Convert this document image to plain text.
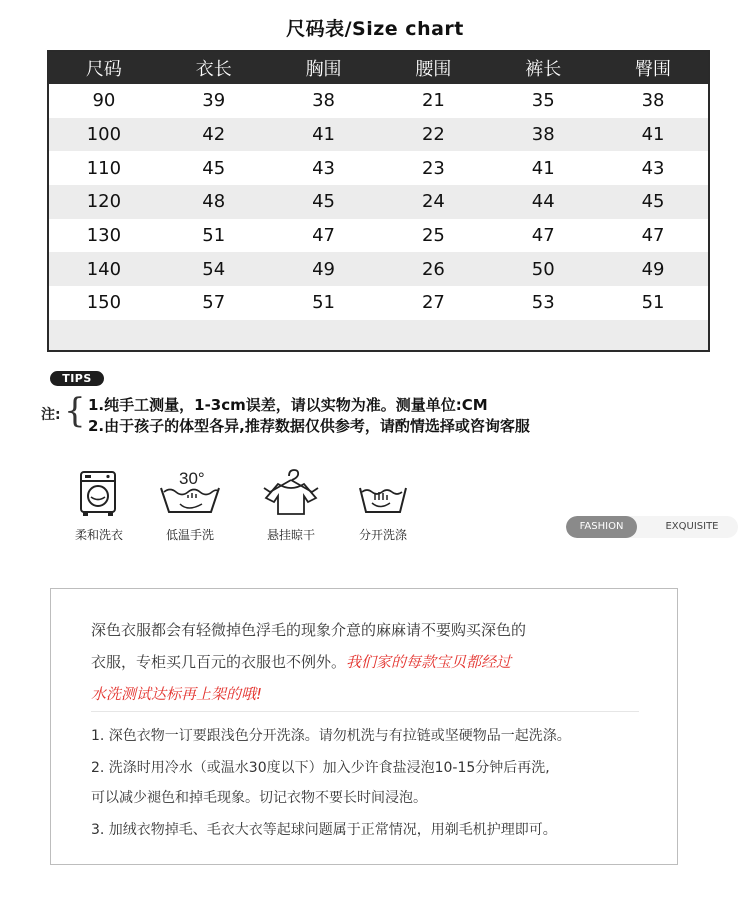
尺码表/Size chart
尺码	衣长	胸围	腰围	裤长	臀围
90	39	38	21	35	38
100	42	41	22	38	41
110	45	43	23	41	43
120	48	45	24	44	45
130	51	47	25	47	47
140	54	49	26	50	49
150	57	51	27	53	51
TIPS
注: { 1.纯手工测量，1-3cm误差，请以实物为准。测量单位:CM
2.由于孩子的体型各异,推荐数据仅供参考，请酌情选择或咨询客服
30°
柔和洗衣	低温手洗	悬挂晾干	分开洗涤
FASHION	EXQUISITE

深色衣服都会有轻微掉色浮毛的现象介意的麻麻请不要购买深色的

衣服，专柜买几百元的衣服也不例外。我们家的每款宝贝都经过

水洗测试达标再上架的哦!

1. 深色衣物一订要跟浅色分开洗涤。请勿机洗与有拉链或坚硬物品一起洗涤。

2. 洗涤时用冷水（或温水30度以下）加入少许食盐浸泡10-15分钟后再洗,

可以减少褪色和掉毛现象。切记衣物不要长时间浸泡。

3. 加绒衣物掉毛、毛衣大衣等起球问题属于正常情况，用剃毛机护理即可。
